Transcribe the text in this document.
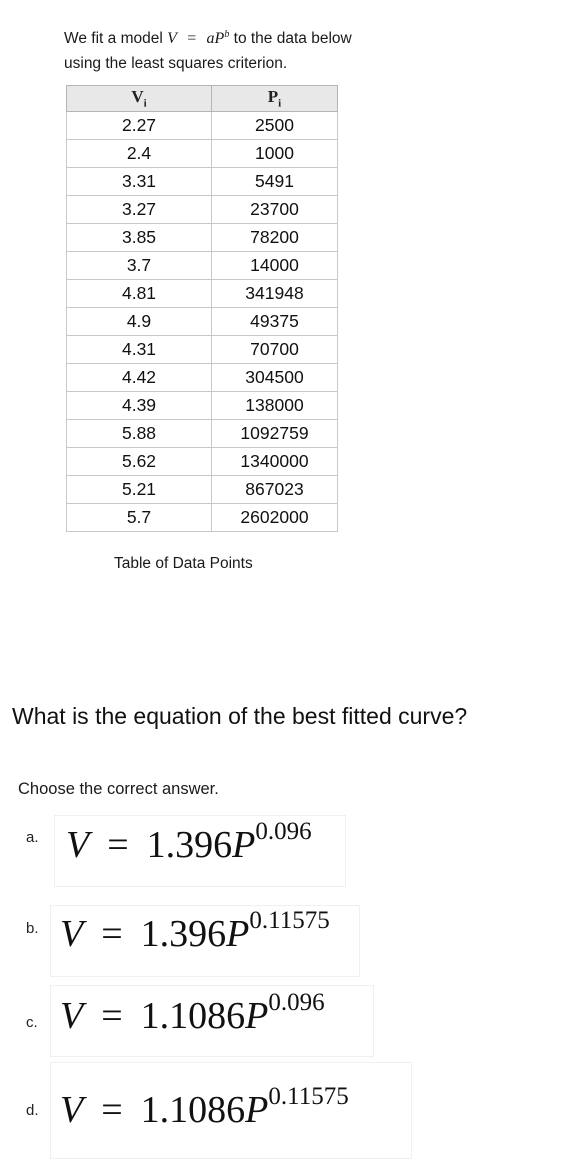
We fit a model $V = aP^b$ to the data below
using the least squares criterion.
$V_i$	$P_i$
2.27	2500
2.4	1000
3.31	5491
3.27	23700
3.85	78200
3.7	14000
4.81	341948
4.9	49375
4.31	70700
4.42	304500
4.39	138000
5.88	1092759
5.62	1340000
5.21	867023
5.7	2602000
Table of Data Points
What is the equation of the best fitted curve?
Choose the correct answer.
a. $V = 1.396P^{0.096}$
b. $V = 1.396P^{0.11575}$
c. $V = 1.1086P^{0.096}$
d. $V = 1.1086P^{0.11575}$
